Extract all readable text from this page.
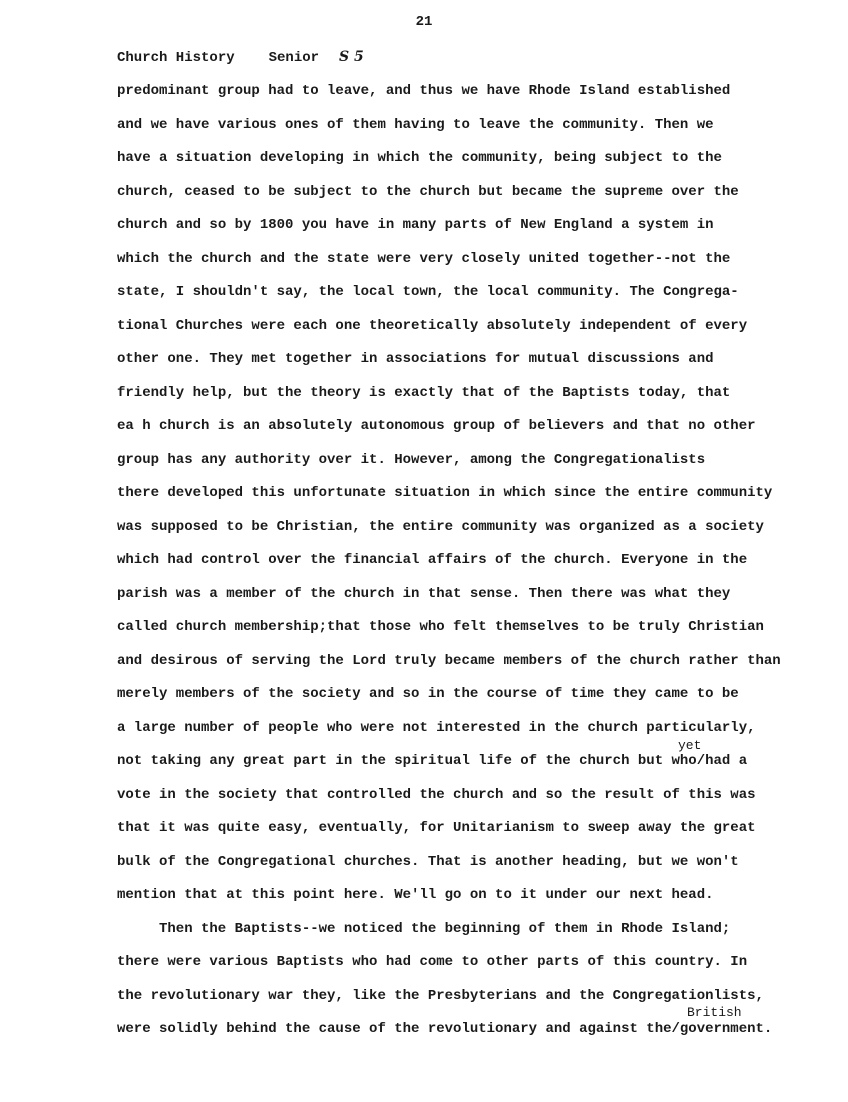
21
Church History Senior S 5
predominant group had to leave, and thus we have Rhode Island established
and we have various ones of them having to leave the community. Then we
have a situation developing in which the community, being subject to the
church, ceased to be subject to the church but became the supreme over the
church and so by 1800 you have in many parts of New England a system in
which the church and the state were very closely united together--not the
state, I shouldn't say, the local town, the local community. The Congrega-
tional Churches were each one theoretically absolutely independent of every
other one. They met together in associations for mutual discussions and
friendly help, but the theory is exactly that of the Baptists today, that
ea h church is an absolutely autonomous group of believers and that no other
group has any authority over it. However, among the Congregationalists
there developed this unfortunate situation in which since the entire community
was supposed to be Christian, the entire community was organized as a society
which had control over the financial affairs of the church. Everyone in the
parish was a member of the church in that sense. Then there was what they
called church membership;that those who felt themselves to be truly Christian
and desirous of serving the Lord truly became members of the church rather than
merely members of the society and so in the course of time they came to be
a large number of people who were not interested in the church particularly,
yet
not taking any great part in the spiritual life of the church but who/had a
vote in the society that controlled the church and so the result of this was
that it was quite easy, eventually, for Unitarianism to sweep away the great
bulk of the Congregational churches. That is another heading, but we won't
mention that at this point here. We'll go on to it under our next head.
Then the Baptists--we noticed the beginning of them in Rhode Island;
there were various Baptists who had come to other parts of this country. In
the revolutionary war they, like the Presbyterians and the Congregationlists,
British
were solidly behind the cause of the revolutionary and against the/government.
